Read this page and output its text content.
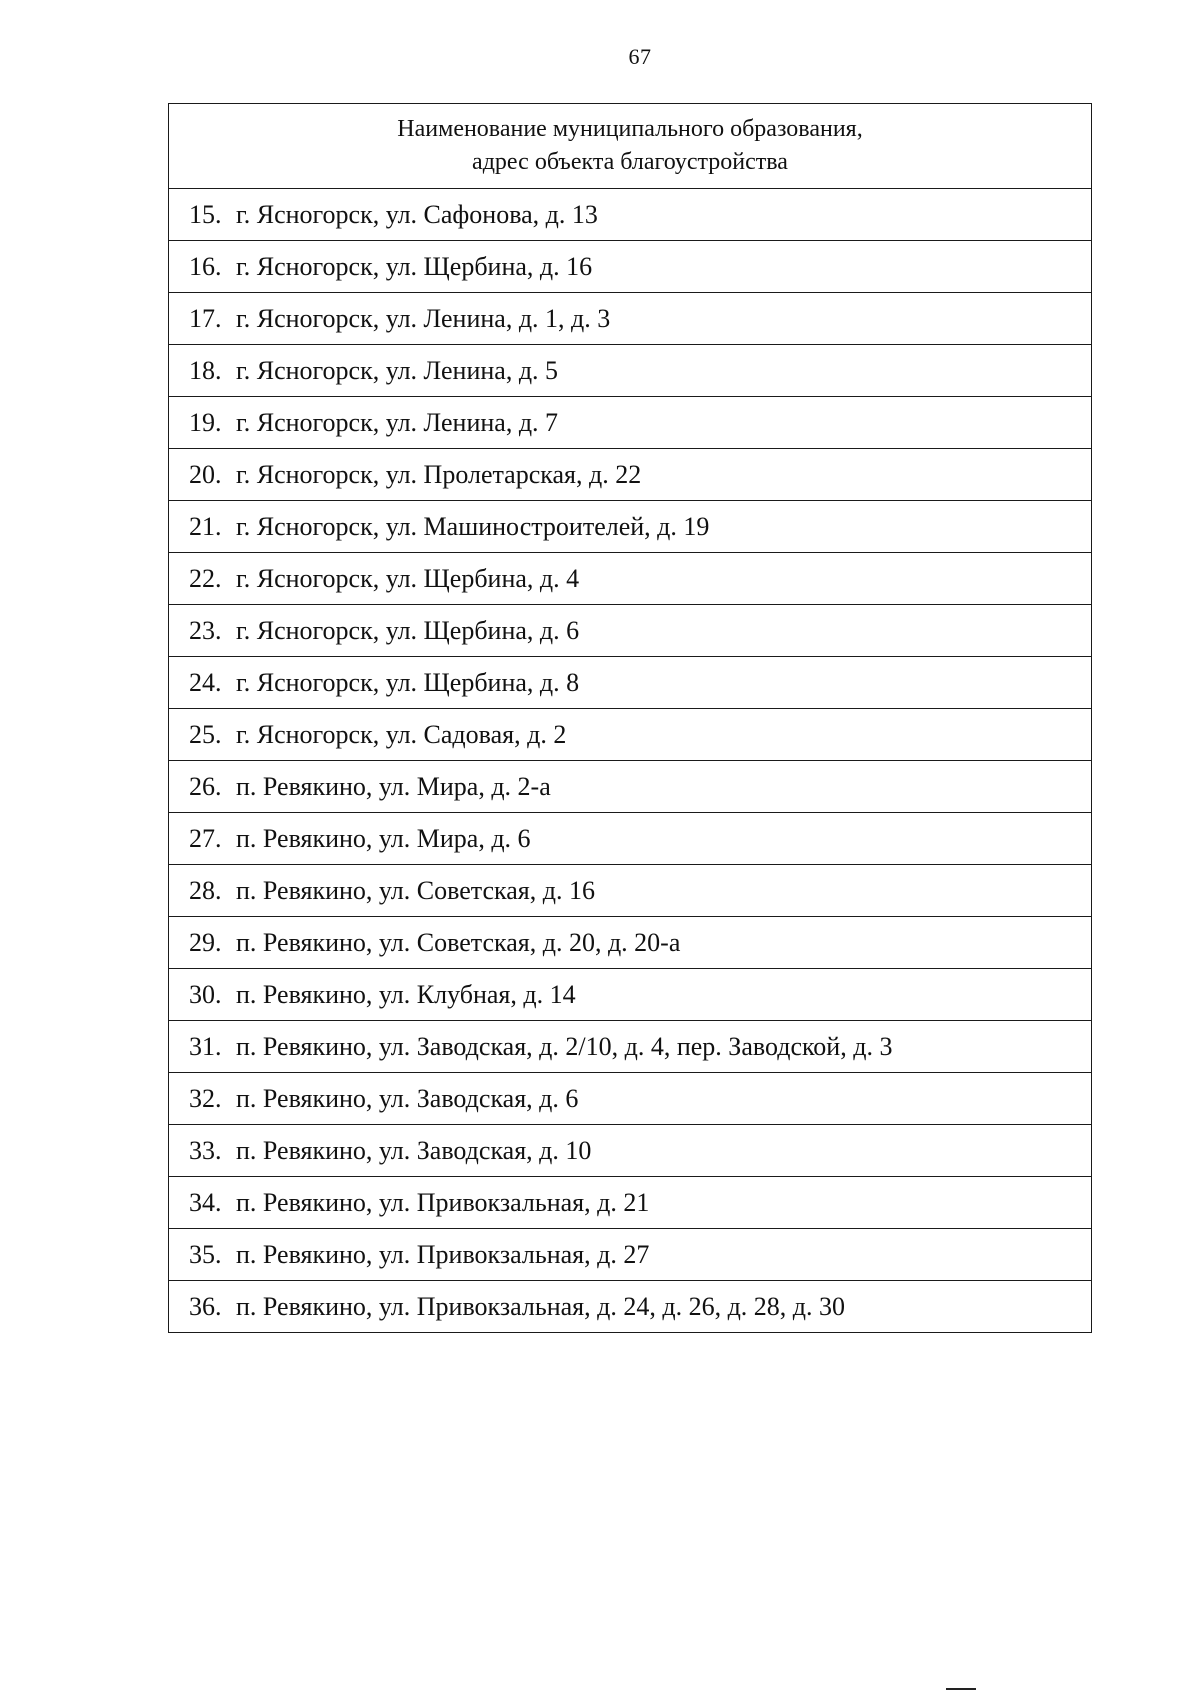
67
Наименование муниципального образования,
адрес объекта благоустройства

15. г. Ясногорск, ул. Сафонова, д. 13
16. г. Ясногорск, ул. Щербина, д. 16
17. г. Ясногорск, ул. Ленина, д. 1, д. 3
18. г. Ясногорск, ул. Ленина, д. 5
19. г. Ясногорск, ул. Ленина, д. 7
20. г. Ясногорск, ул. Пролетарская, д. 22
21. г. Ясногорск, ул. Машиностроителей, д. 19
22. г. Ясногорск, ул. Щербина, д. 4
23. г. Ясногорск, ул. Щербина, д. 6
24. г. Ясногорск, ул. Щербина, д. 8
25. г. Ясногорск, ул. Садовая, д. 2
26. п. Ревякино, ул. Мира, д. 2-а
27. п. Ревякино, ул. Мира, д. 6
28. п. Ревякино, ул. Советская, д. 16
29. п. Ревякино, ул. Советская, д. 20, д. 20-а
30. п. Ревякино, ул. Клубная, д. 14
31. п. Ревякино, ул. Заводская, д. 2/10, д. 4, пер. Заводской, д. 3
32. п. Ревякино, ул. Заводская, д. 6
33. п. Ревякино, ул. Заводская, д. 10
34. п. Ревякино, ул. Привокзальная, д. 21
35. п. Ревякино, ул. Привокзальная, д. 27
36. п. Ревякино, ул. Привокзальная, д. 24, д. 26, д. 28, д. 30
